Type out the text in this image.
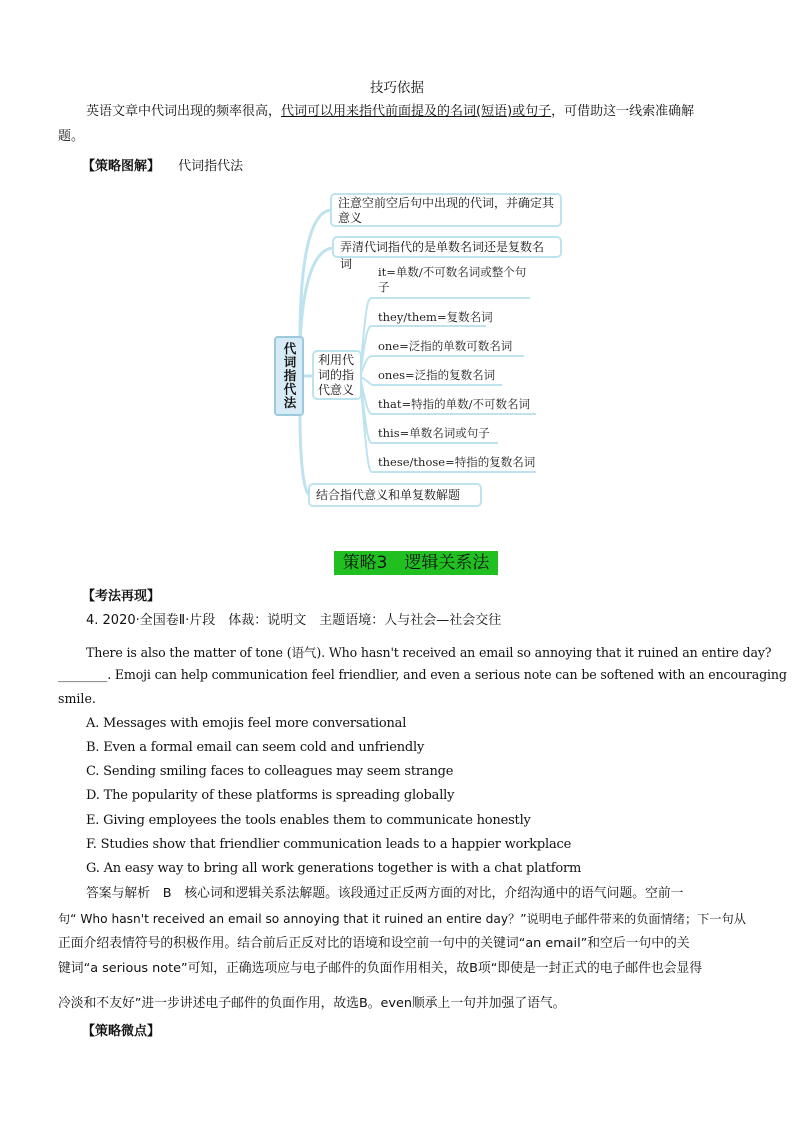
技巧依据
英语文章中代词出现的频率很高，代词可以用来指代前面提及的名词(短语)或句子，可借助这一线索准确解
题。
【策略图解】 代词指代法
代词指代法
注意空前空后句中出现的代词，并确定其意义
弄清代词指代的是单数名词还是复数名词
利用代词的指代意义
结合指代意义和单复数解题
it=单数/不可数名词或整个句子
they/them=复数名词
one=泛指的单数可数名词
ones=泛指的复数名词
that=特指的单数/不可数名词
this=单数名词或句子
these/those=特指的复数名词
策略3　逻辑关系法
【考法再现】
4. 2020·全国卷Ⅱ·片段　体裁：说明文　主题语境：人与社会—社会交往
There is also the matter of tone (语气). Who hasn't received an email so annoying that it ruined an entire day?
________. Emoji can help communication feel friendlier, and even a serious note can be softened with an encouraging
smile.
A. Messages with emojis feel more conversational
B. Even a formal email can seem cold and unfriendly
C. Sending smiling faces to colleagues may seem strange
D. The popularity of these platforms is spreading globally
E. Giving employees the tools enables them to communicate honestly
F. Studies show that friendlier communication leads to a happier workplace
G. An easy way to bring all work generations together is with a chat platform
答案与解析　B　核心词和逻辑关系法解题。该段通过正反两方面的对比，介绍沟通中的语气问题。空前一
句“ Who hasn't received an email so annoying that it ruined an entire day？”说明电子邮件带来的负面情绪；下一句从
正面介绍表情符号的积极作用。结合前后正反对比的语境和设空前一句中的关键词“an email”和空后一句中的关
键词“a serious note”可知，正确选项应与电子邮件的负面作用相关，故B项“即使是一封正式的电子邮件也会显得
冷淡和不友好”进一步讲述电子邮件的负面作用，故选B。even顺承上一句并加强了语气。
【策略微点】
